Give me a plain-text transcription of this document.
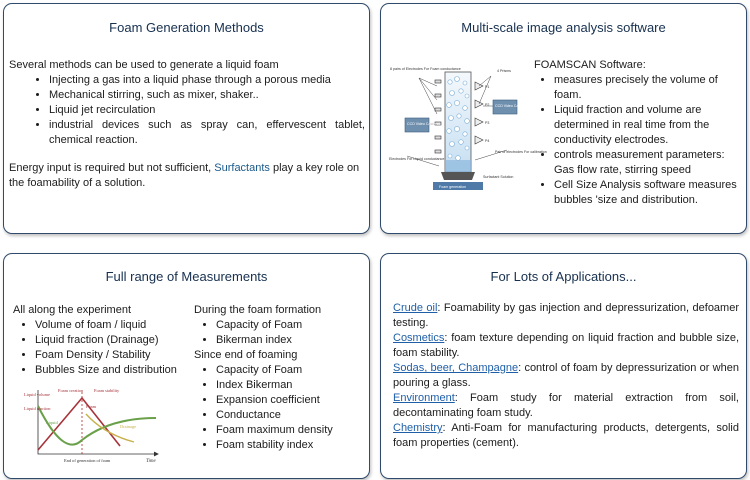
Foam Generation Methods
Several methods can be used to generate a liquid foam
• Injecting a gas into a liquid phase through a porous media
• Mechanical stirring, such as mixer, shaker..
• Liquid jet recirculation
• industrial devices such as spray can, effervescent tablet, chemical reaction.
Energy input is required but not sufficient, Surfactants play a key role on the foamability of a solution.
Multi-scale image analysis software
8 pairs of Electrodes For Foam conductance	4 Prisms
CCD Video Camera1
CCD Video Camera2
Electrodes For Liquid conductance
Pair of electrodes For calibration
Surfactant Solution
Foam generation
P1
P2
P3
P4
FOAMSCAN Software:
• measures precisely the volume of foam.
• Liquid fraction and volume are determined in real time from the conductivity electrodes.
• controls measurement parameters: Gas flow rate, stirring speed
• Cell Size Analysis software measures bubbles 'size and distribution.
Full range of Measurements
All along the experiment
• Volume of foam / liquid
• Liquid fraction (Drainage)
• Foam Density / Stability
• Bubbles Size and distribution
During the foam formation
• Capacity of Foam
• Bikerman index
Since end of foaming
• Capacity of Foam
• Index Bikerman
• Expansion coefficient
• Conductance
• Foam maximum density
• Foam stability index
Liquid volume
Liquid fraction
Foam creation Foam stability
Time
End of generation of foam
Liquid
Foam
Drainage
For Lots of Applications...
Crude oil: Foamability by gas injection and depressurization, defoamer testing.
Cosmetics: foam texture depending on liquid fraction and bubble size, foam stability.
Sodas, beer, Champagne: control of foam by depressurization or when pouring a glass.
Environment: Foam study for material extraction from soil, decontaminating foam study.
Chemistry: Anti-Foam for manufacturing products, detergents, solid foam properties (cement).
